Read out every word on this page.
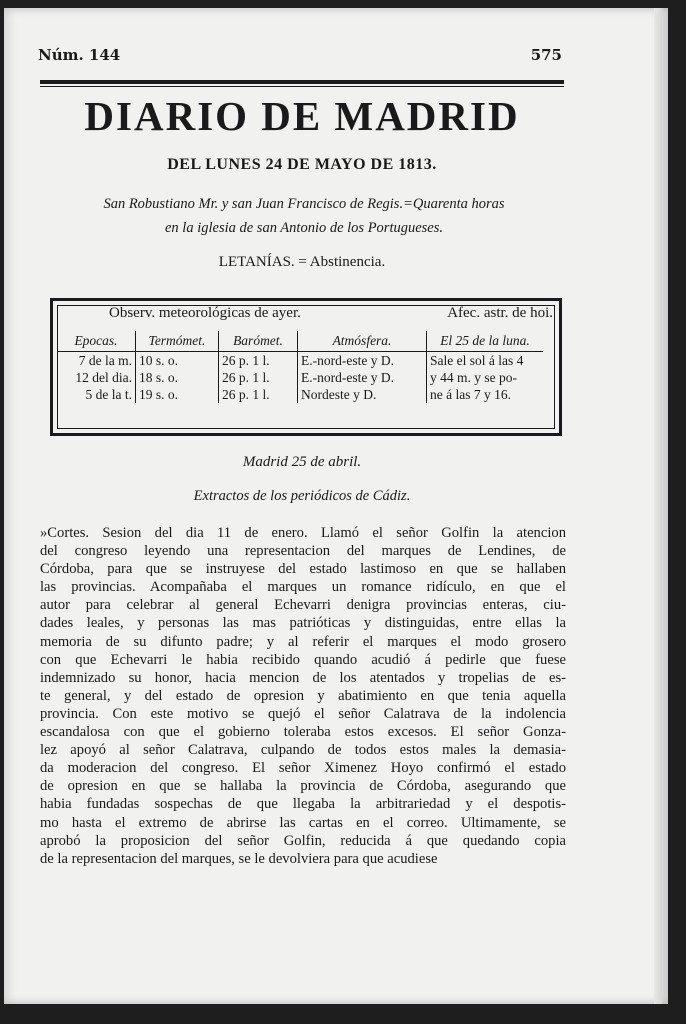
Núm. 144	575
DIARIO DE MADRID
DEL LUNES 24 DE MAYO DE 1813.
San Robustiano Mr. y san Juan Francisco de Regis.=Quarenta horas
en la iglesia de san Antonio de los Portugueses.
LETANÍAS. = Abstinencia.
Observ. meteorológicas de ayer.	Afec. astr. de hoi.
Epocas.	Termómet.	Barómet.	Atmósfera.	El 25 de la luna.
7 de la m.	10 s. o.	26 p. 1 l.	E.-nord-este y D.	Sale el sol á las 4
12 del dia.	18 s. o.	26 p. 1 l.	E.-nord-este y D.	y 44 m. y se po-
5 de la t.	19 s. o.	26 p. 1 l.	Nordeste y D.	ne á las 7 y 16.
Madrid 25 de abril.
Extractos de los periódicos de Cádiz.
»Cortes. Sesion del dia 11 de enero. Llamó el señor Golfin la atencion
del congreso leyendo una representacion del marques de Lendines, de
Córdoba, para que se instruyese del estado lastimoso en que se hallaben
las provincias. Acompañaba el marques un romance ridículo, en que el
autor para celebrar al general Echevarri denigra provincias enteras, ciu-
dades leales, y personas las mas patrióticas y distinguidas, entre ellas la
memoria de su difunto padre; y al referir el marques el modo grosero
con que Echevarri le habia recibido quando acudió á pedirle que fuese
indemnizado su honor, hacia mencion de los atentados y tropelias de es-
te general, y del estado de opresion y abatimiento en que tenia aquella
provincia. Con este motivo se quejó el señor Calatrava de la indolencia
escandalosa con que el gobierno toleraba estos excesos. El señor Gonza-
lez apoyó al señor Calatrava, culpando de todos estos males la demasia-
da moderacion del congreso. El señor Ximenez Hoyo confirmó el estado
de opresion en que se hallaba la provincia de Córdoba, asegurando que
habia fundadas sospechas de que llegaba la arbitrariedad y el despotis-
mo hasta el extremo de abrirse las cartas en el correo. Ultimamente, se
aprobó la proposicion del señor Golfin, reducida á que quedando copia
de la representacion del marques, se le devolviera para que acudiese
